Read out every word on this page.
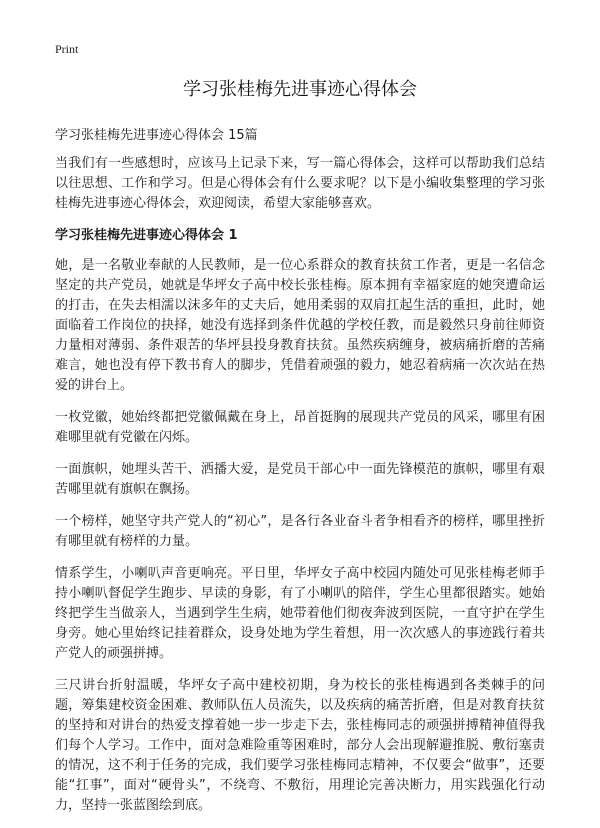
Print
学习张桂梅先进事迹心得体会
学习张桂梅先进事迹心得体会 15篇

当我们有一些感想时，应该马上记录下来，写一篇心得体会，这样可以帮助我们总结以往思想、工作和学习。但是心得体会有什么要求呢？以下是小编收集整理的学习张桂梅先进事迹心得体会，欢迎阅读，希望大家能够喜欢。

学习张桂梅先进事迹心得体会 1

她，是一名敬业奉献的人民教师，是一位心系群众的教育扶贫工作者，更是一名信念坚定的共产党员，她就是华坪女子高中校长张桂梅。原本拥有幸福家庭的她突遭命运的打击，在失去相濡以沫多年的丈夫后，她用柔弱的双肩扛起生活的重担，此时，她面临着工作岗位的抉择，她没有选择到条件优越的学校任教，而是毅然只身前往师资力量相对薄弱、条件艰苦的华坪县投身教育扶贫。虽然疾病缠身，被病痛折磨的苦痛难言，她也没有停下教书育人的脚步，凭借着顽强的毅力，她忍着病痛一次次站在热爱的讲台上。

一枚党徽，她始终都把党徽佩戴在身上，昂首挺胸的展现共产党员的风采，哪里有困难哪里就有党徽在闪烁。

一面旗帜，她埋头苦干、洒播大爱，是党员干部心中一面先锋模范的旗帜，哪里有艰苦哪里就有旗帜在飘扬。

一个榜样，她坚守共产党人的“初心”，是各行各业奋斗者争相看齐的榜样，哪里挫折有哪里就有榜样的力量。

情系学生，小喇叭声音更响亮。平日里，华坪女子高中校园内随处可见张桂梅老师手持小喇叭督促学生跑步、早读的身影，有了小喇叭的陪伴，学生心里都很踏实。她始终把学生当做亲人，当遇到学生生病，她带着他们彻夜奔波到医院，一直守护在学生身旁。她心里始终记挂着群众，设身处地为学生着想，用一次次感人的事迹践行着共产党人的顽强拼搏。

三尺讲台折射温暖，华坪女子高中建校初期，身为校长的张桂梅遇到各类棘手的问题，筹集建校资金困难、教师队伍人员流失，以及疾病的痛苦折磨，但是对教育扶贫的坚持和对讲台的热爱支撑着她一步一步走下去，张桂梅同志的顽强拼搏精神值得我们每个人学习。工作中，面对急难险重等困难时，部分人会出现解避推脱、敷衍塞责的情况，这不利于任务的完成，我们要学习张桂梅同志精神，不仅要会“做事”，还要能“扛事”，面对“硬骨头”，不绕弯、不敷衍，用理论完善决断力，用实践强化行动力，坚持一张蓝图绘到底。
